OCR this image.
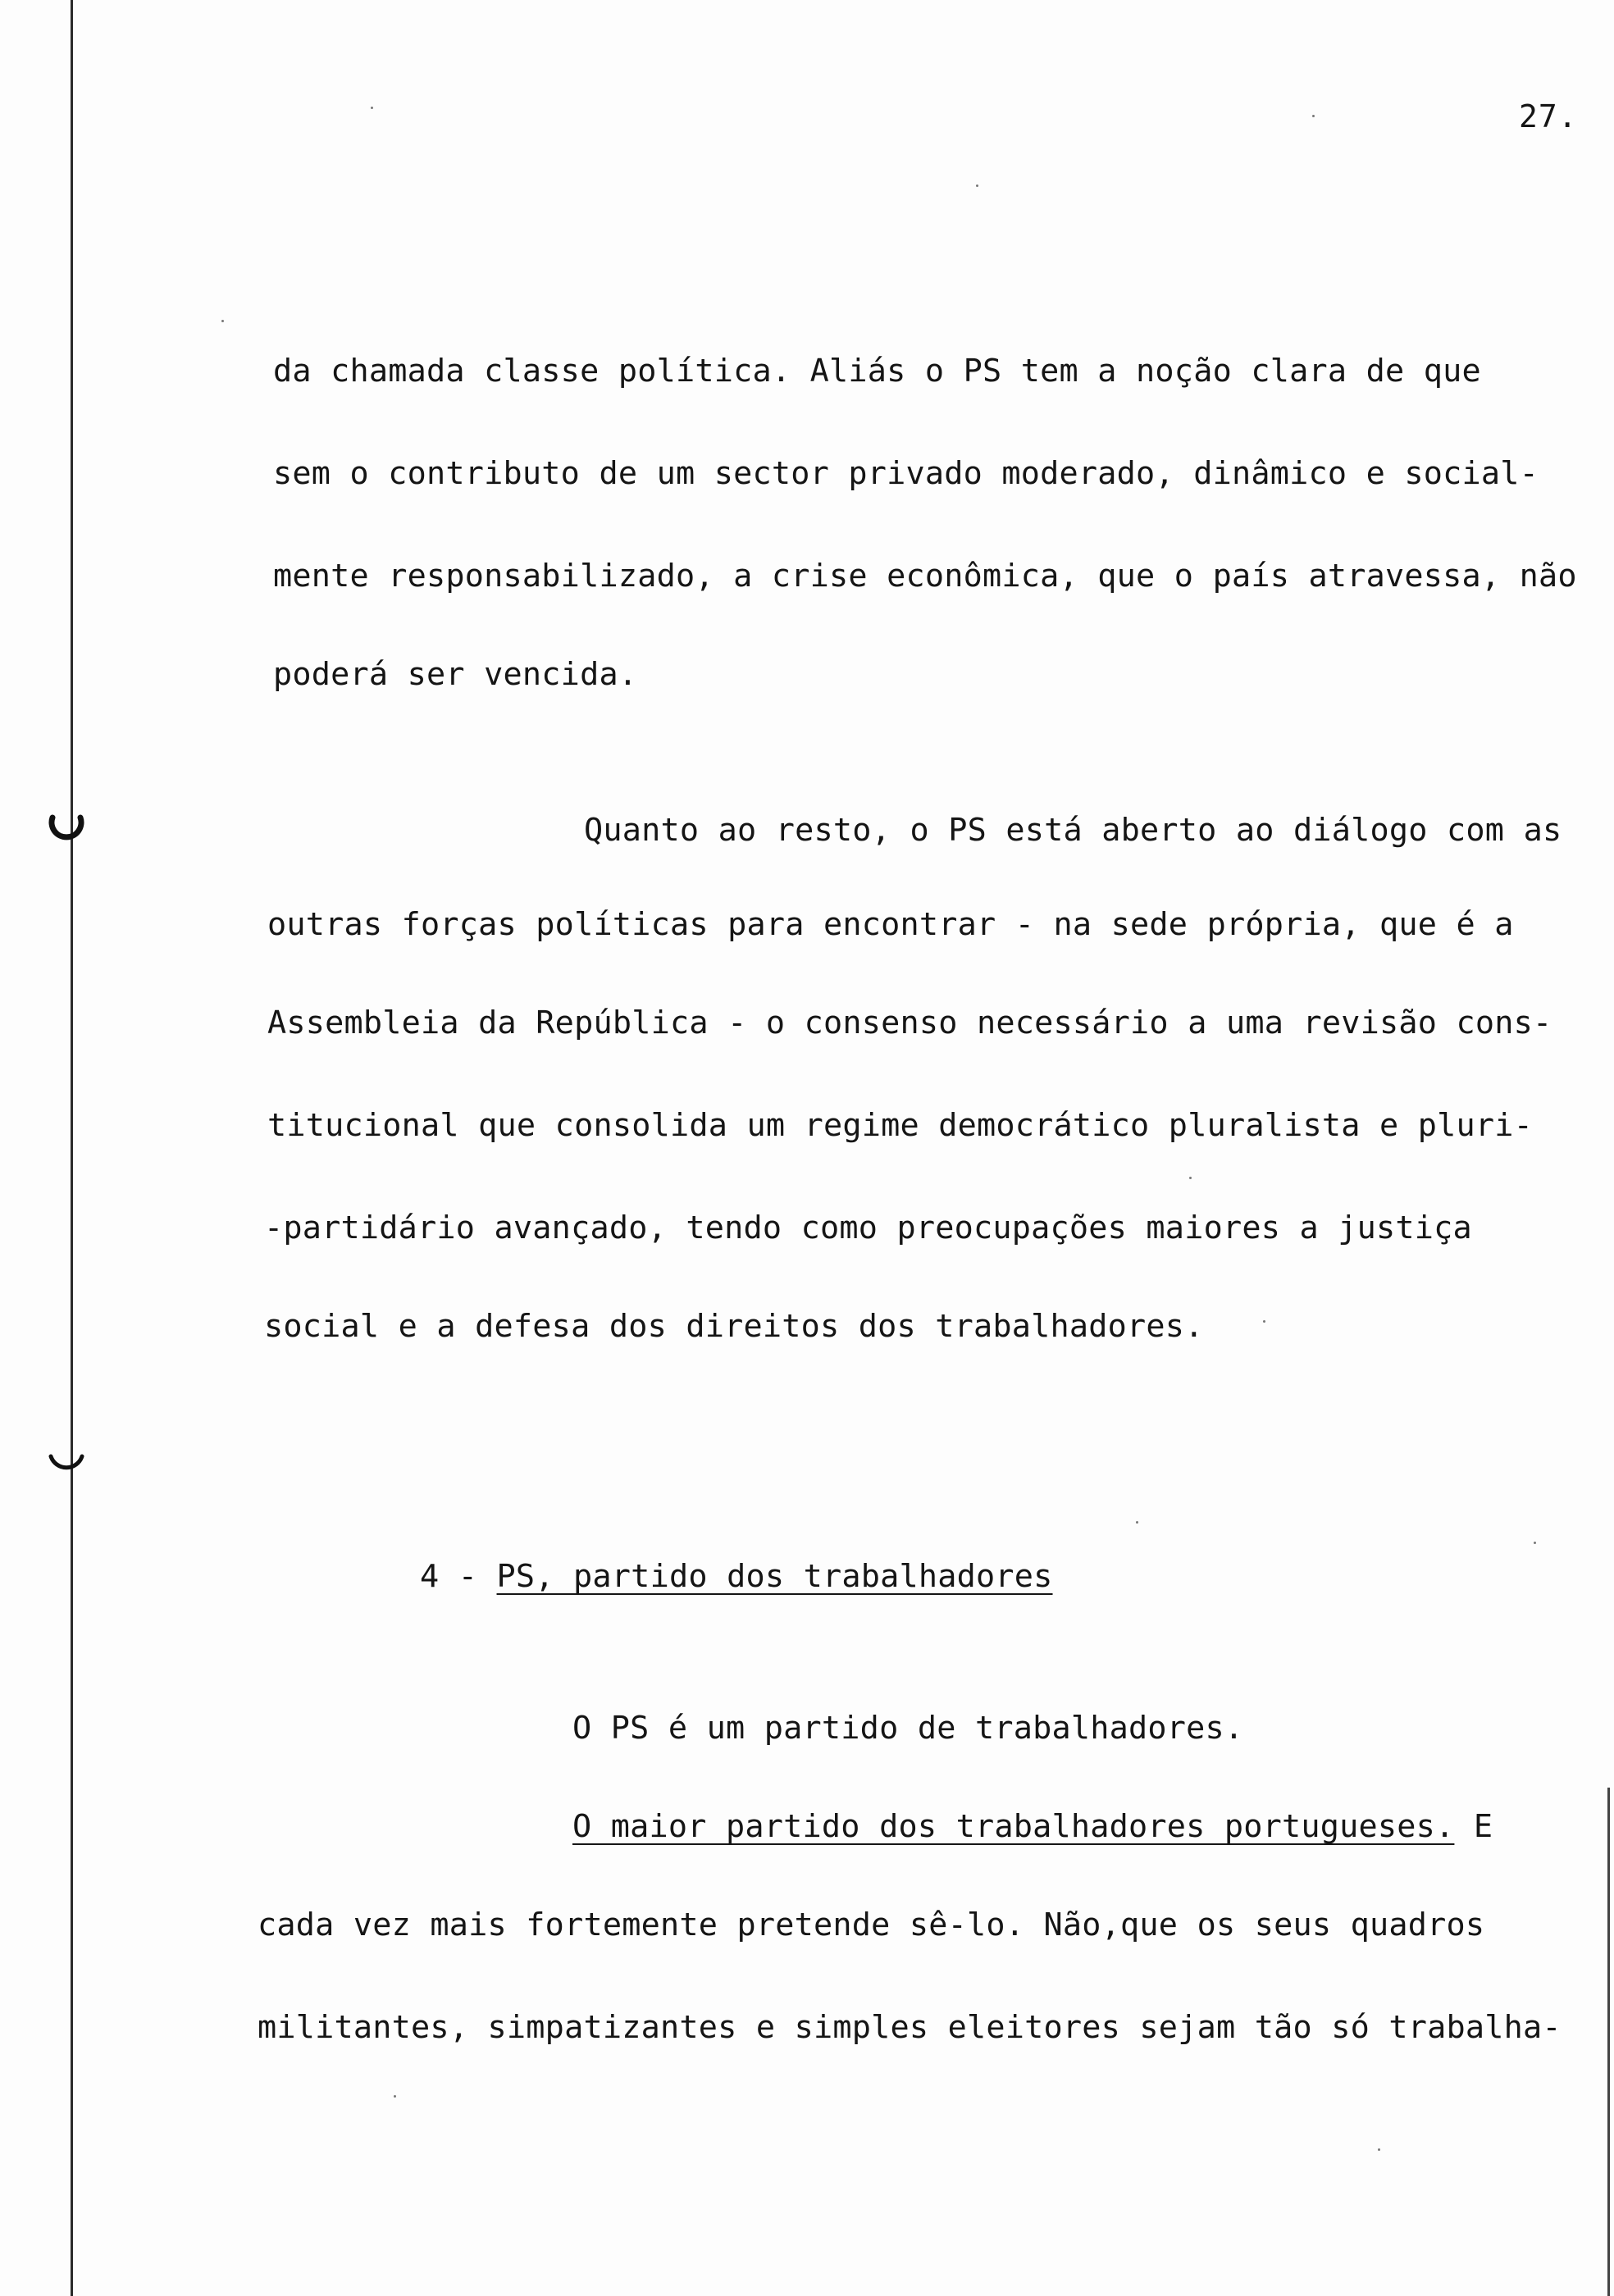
27.
da chamada classe política. Aliás o PS tem a noção clara de que
sem o contributo de um sector privado moderado, dinâmico e social-
mente responsabilizado, a crise econômica, que o país atravessa, não
poderá ser vencida.
Quanto ao resto, o PS está aberto ao diálogo com as
outras forças políticas para encontrar - na sede própria, que é a
Assembleia da República - o consenso necessário a uma revisão cons-
titucional que consolida um regime democrático pluralista e pluri-
-partidário avançado, tendo como preocupações maiores a justiça
social e a defesa dos direitos dos trabalhadores.
4 - PS, partido dos trabalhadores
O PS é um partido de trabalhadores.
O maior partido dos trabalhadores portugueses. E
cada vez mais fortemente pretende sê-lo. Não,que os seus quadros
militantes, simpatizantes e simples eleitores sejam tão só trabalha-
